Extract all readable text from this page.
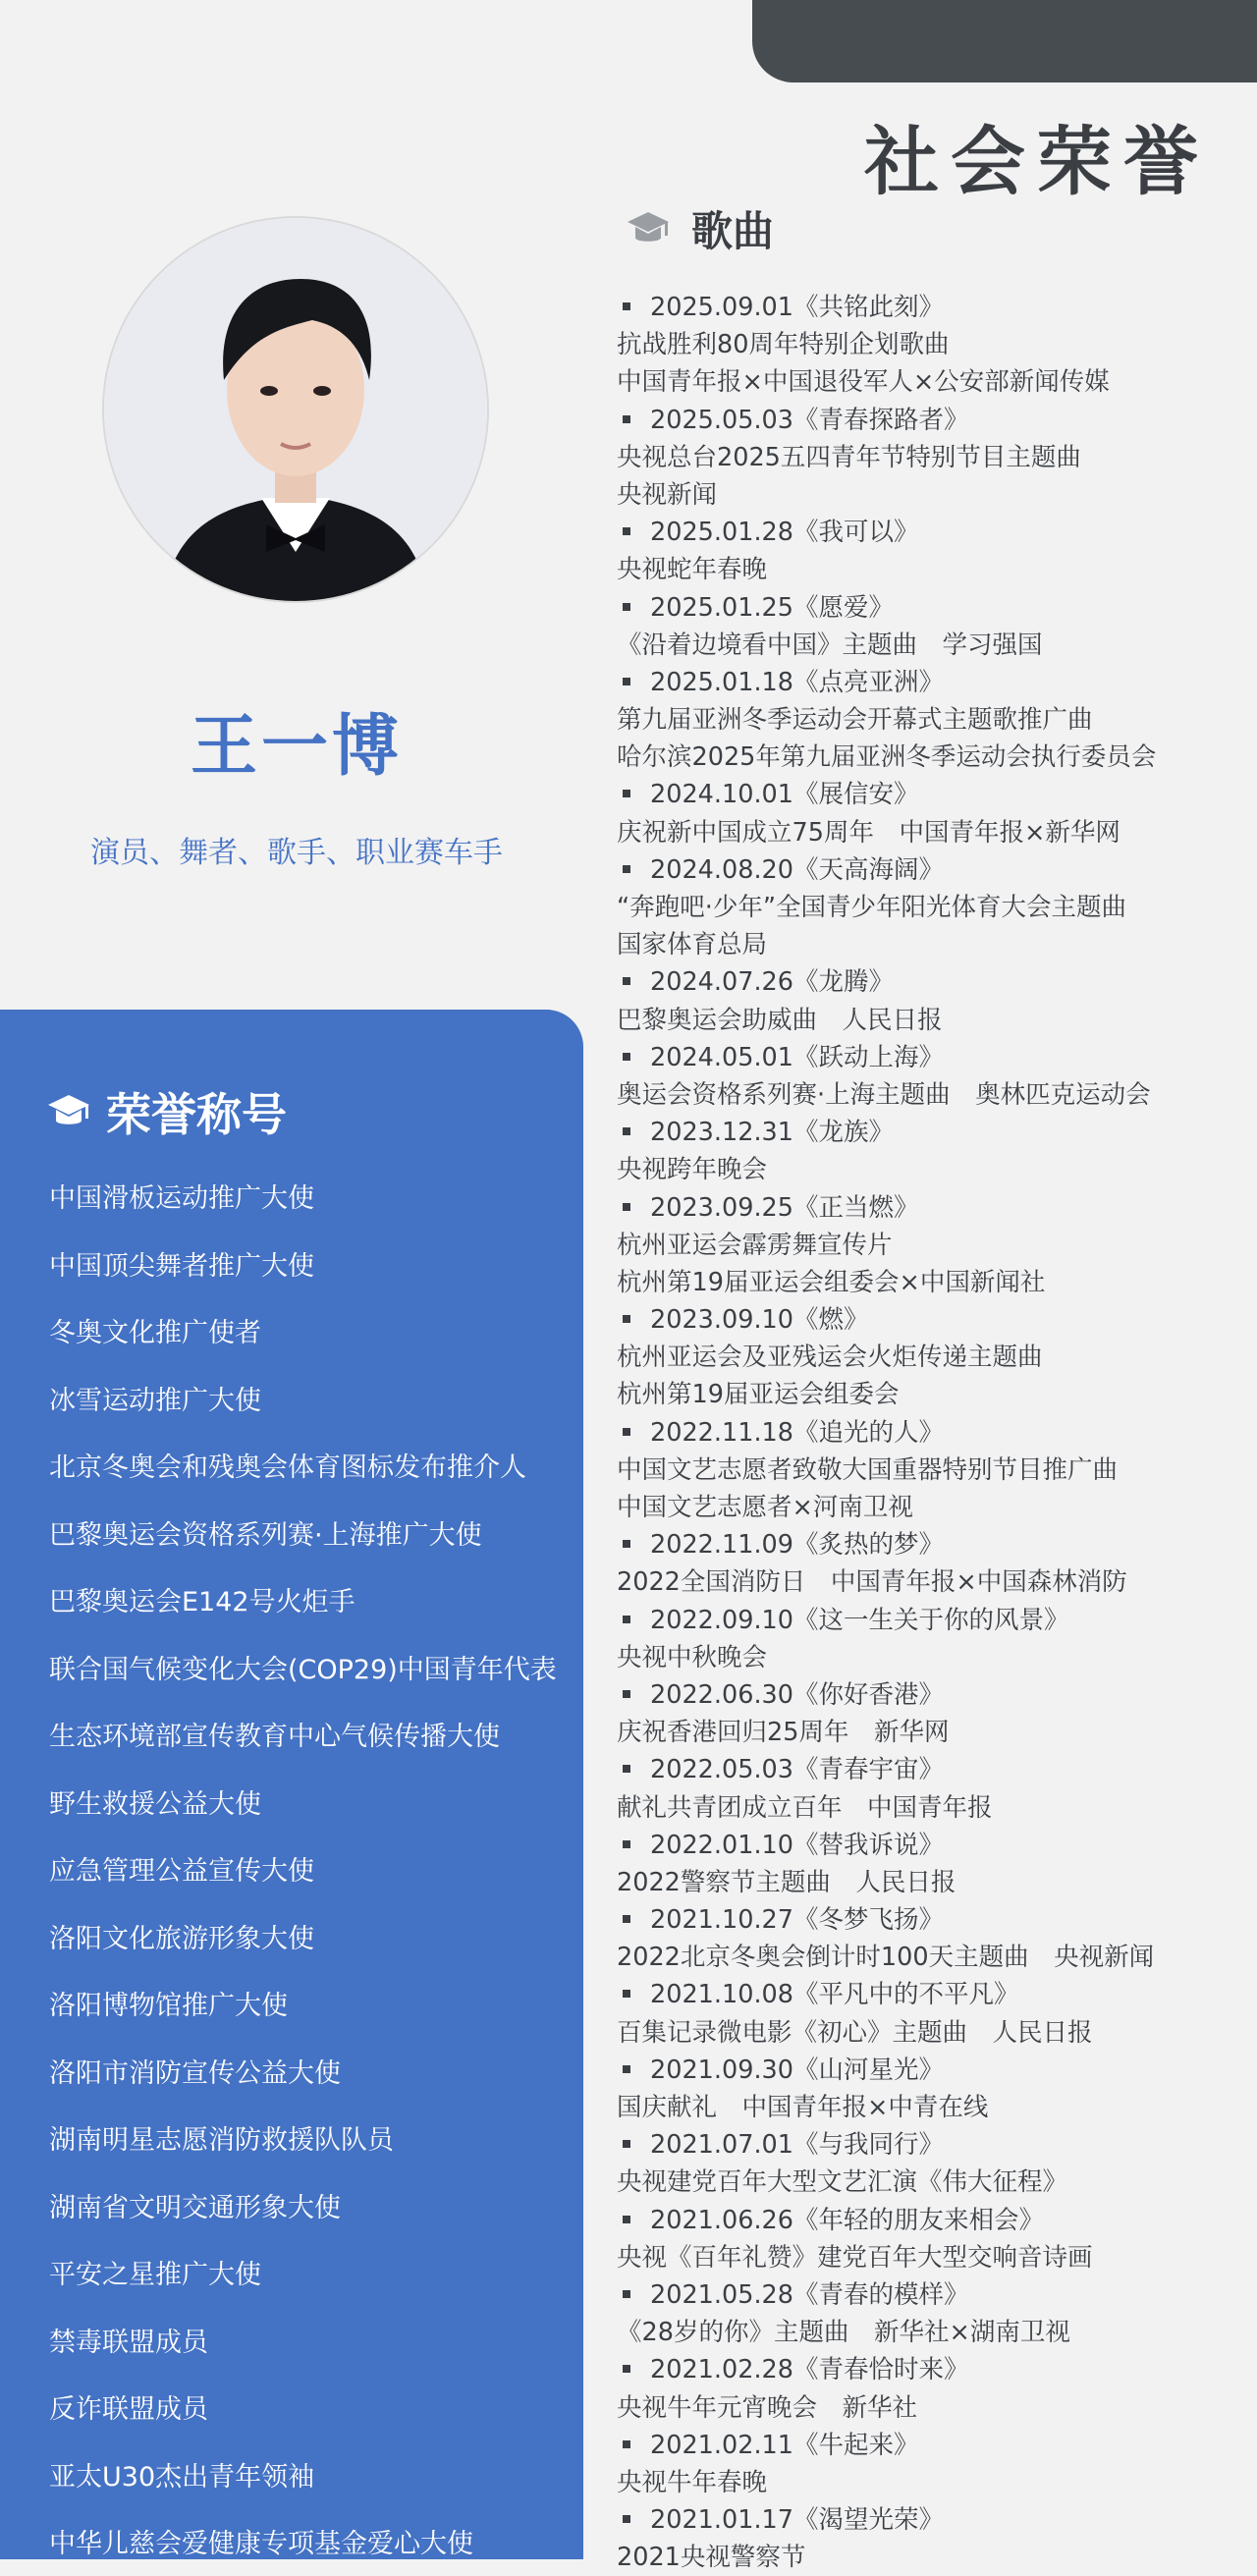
社会荣誉
王一博
演员、舞者、歌手、职业赛车手
荣誉称号
中国滑板运动推广大使
中国顶尖舞者推广大使
冬奥文化推广使者
冰雪运动推广大使
北京冬奥会和残奥会体育图标发布推介人
巴黎奥运会资格系列赛·上海推广大使
巴黎奥运会E142号火炬手
联合国气候变化大会(COP29)中国青年代表
生态环境部宣传教育中心气候传播大使
野生救援公益大使
应急管理公益宣传大使
洛阳文化旅游形象大使
洛阳博物馆推广大使
洛阳市消防宣传公益大使
湖南明星志愿消防救援队队员
湖南省文明交通形象大使
平安之星推广大使
禁毒联盟成员
反诈联盟成员
亚太U30杰出青年领袖
中华儿慈会爱健康专项基金爱心大使
歌曲
2025.09.01《共铭此刻》
抗战胜利80周年特别企划歌曲
中国青年报×中国退役军人×公安部新闻传媒
2025.05.03《青春探路者》
央视总台2025五四青年节特别节目主题曲
央视新闻
2025.01.28《我可以》
央视蛇年春晚
2025.01.25《愿爱》
《沿着边境看中国》主题曲　学习强国
2025.01.18《点亮亚洲》
第九届亚洲冬季运动会开幕式主题歌推广曲
哈尔滨2025年第九届亚洲冬季运动会执行委员会
2024.10.01《展信安》
庆祝新中国成立75周年　中国青年报×新华网
2024.08.20《天高海阔》
“奔跑吧·少年”全国青少年阳光体育大会主题曲
国家体育总局
2024.07.26《龙腾》
巴黎奥运会助威曲　人民日报
2024.05.01《跃动上海》
奥运会资格系列赛·上海主题曲　奥林匹克运动会
2023.12.31《龙族》
央视跨年晚会
2023.09.25《正当燃》
杭州亚运会霹雳舞宣传片
杭州第19届亚运会组委会×中国新闻社
2023.09.10《燃》
杭州亚运会及亚残运会火炬传递主题曲
杭州第19届亚运会组委会
2022.11.18《追光的人》
中国文艺志愿者致敬大国重器特别节目推广曲
中国文艺志愿者×河南卫视
2022.11.09《炙热的梦》
2022全国消防日　中国青年报×中国森林消防
2022.09.10《这一生关于你的风景》
央视中秋晚会
2022.06.30《你好香港》
庆祝香港回归25周年　新华网
2022.05.03《青春宇宙》
献礼共青团成立百年　中国青年报
2022.01.10《替我诉说》
2022警察节主题曲　人民日报
2021.10.27《冬梦飞扬》
2022北京冬奥会倒计时100天主题曲　央视新闻
2021.10.08《平凡中的不平凡》
百集记录微电影《初心》主题曲　人民日报
2021.09.30《山河星光》
国庆献礼　中国青年报×中青在线
2021.07.01《与我同行》
央视建党百年大型文艺汇演《伟大征程》
2021.06.26《年轻的朋友来相会》
央视《百年礼赞》建党百年大型交响音诗画
2021.05.28《青春的模样》
《28岁的你》主题曲　新华社×湖南卫视
2021.02.28《青春恰时来》
央视牛年元宵晚会　新华社
2021.02.11《牛起来》
央视牛年春晚
2021.01.17《渴望光荣》
2021央视警察节
